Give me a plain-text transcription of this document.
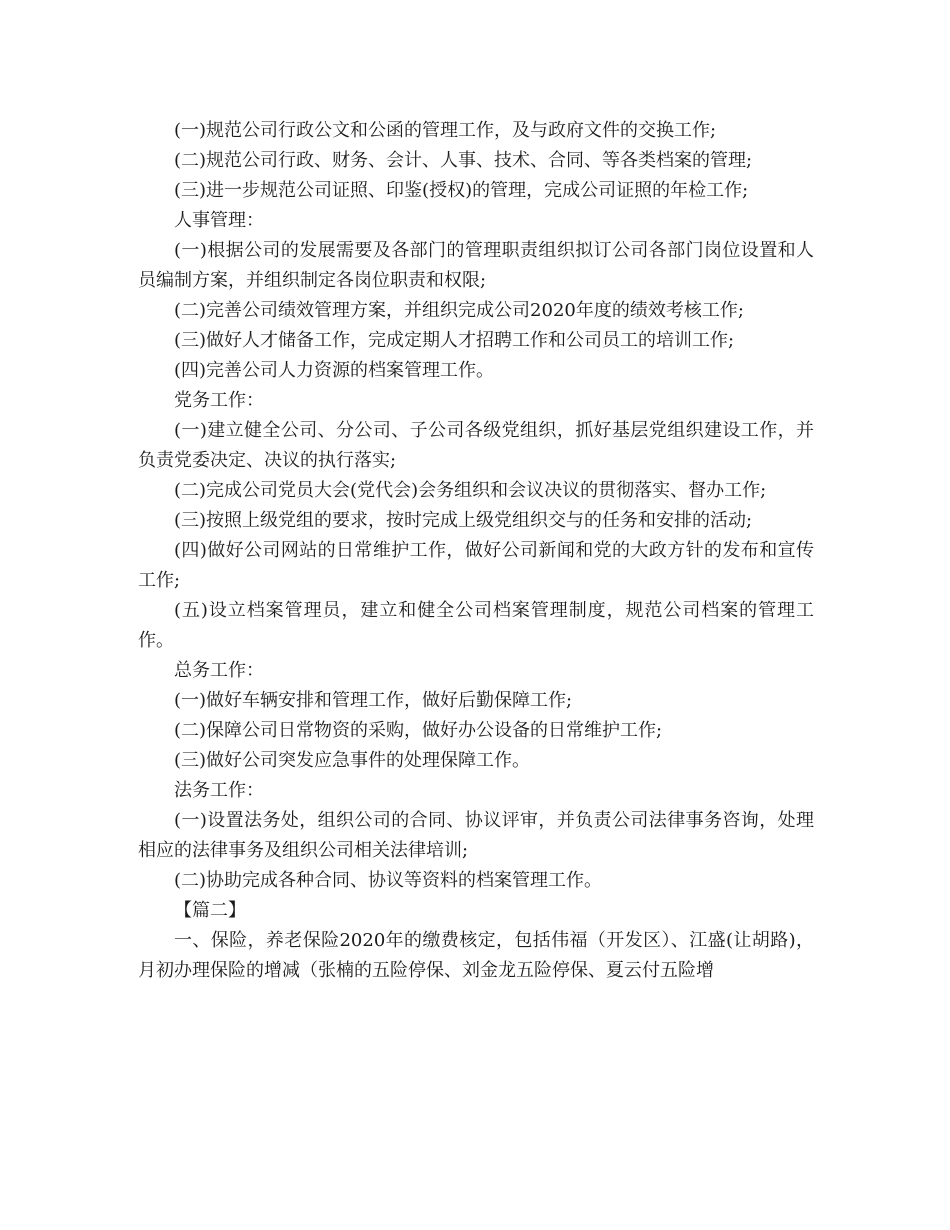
(一)规范公司行政公文和公函的管理工作，及与政府文件的交换工作;

(二)规范公司行政、财务、会计、人事、技术、合同、等各类档案的管理;

(三)进一步规范公司证照、印鉴(授权)的管理，完成公司证照的年检工作;

人事管理：

(一)根据公司的发展需要及各部门的管理职责组织拟订公司各部门岗位设置和人员编制方案，并组织制定各岗位职责和权限;

(二)完善公司绩效管理方案，并组织完成公司2020年度的绩效考核工作;

(三)做好人才储备工作，完成定期人才招聘工作和公司员工的培训工作;

(四)完善公司人力资源的档案管理工作。

党务工作：

(一)建立健全公司、分公司、子公司各级党组织，抓好基层党组织建设工作，并负责党委决定、决议的执行落实;

(二)完成公司党员大会(党代会)会务组织和会议决议的贯彻落实、督办工作;

(三)按照上级党组的要求，按时完成上级党组织交与的任务和安排的活动;

(四)做好公司网站的日常维护工作，做好公司新闻和党的大政方针的发布和宣传工作;

(五)设立档案管理员，建立和健全公司档案管理制度，规范公司档案的管理工作。

总务工作：

(一)做好车辆安排和管理工作，做好后勤保障工作;

(二)保障公司日常物资的采购，做好办公设备的日常维护工作;

(三)做好公司突发应急事件的处理保障工作。

法务工作：

(一)设置法务处，组织公司的合同、协议评审，并负责公司法律事务咨询，处理相应的法律事务及组织公司相关法律培训;

(二)协助完成各种合同、协议等资料的档案管理工作。

【篇二】

一、保险，养老保险2020年的缴费核定，包括伟福（开发区）、江盛(让胡路)，月初办理保险的增减（张楠的五险停保、刘金龙五险停保、夏云付五险增
